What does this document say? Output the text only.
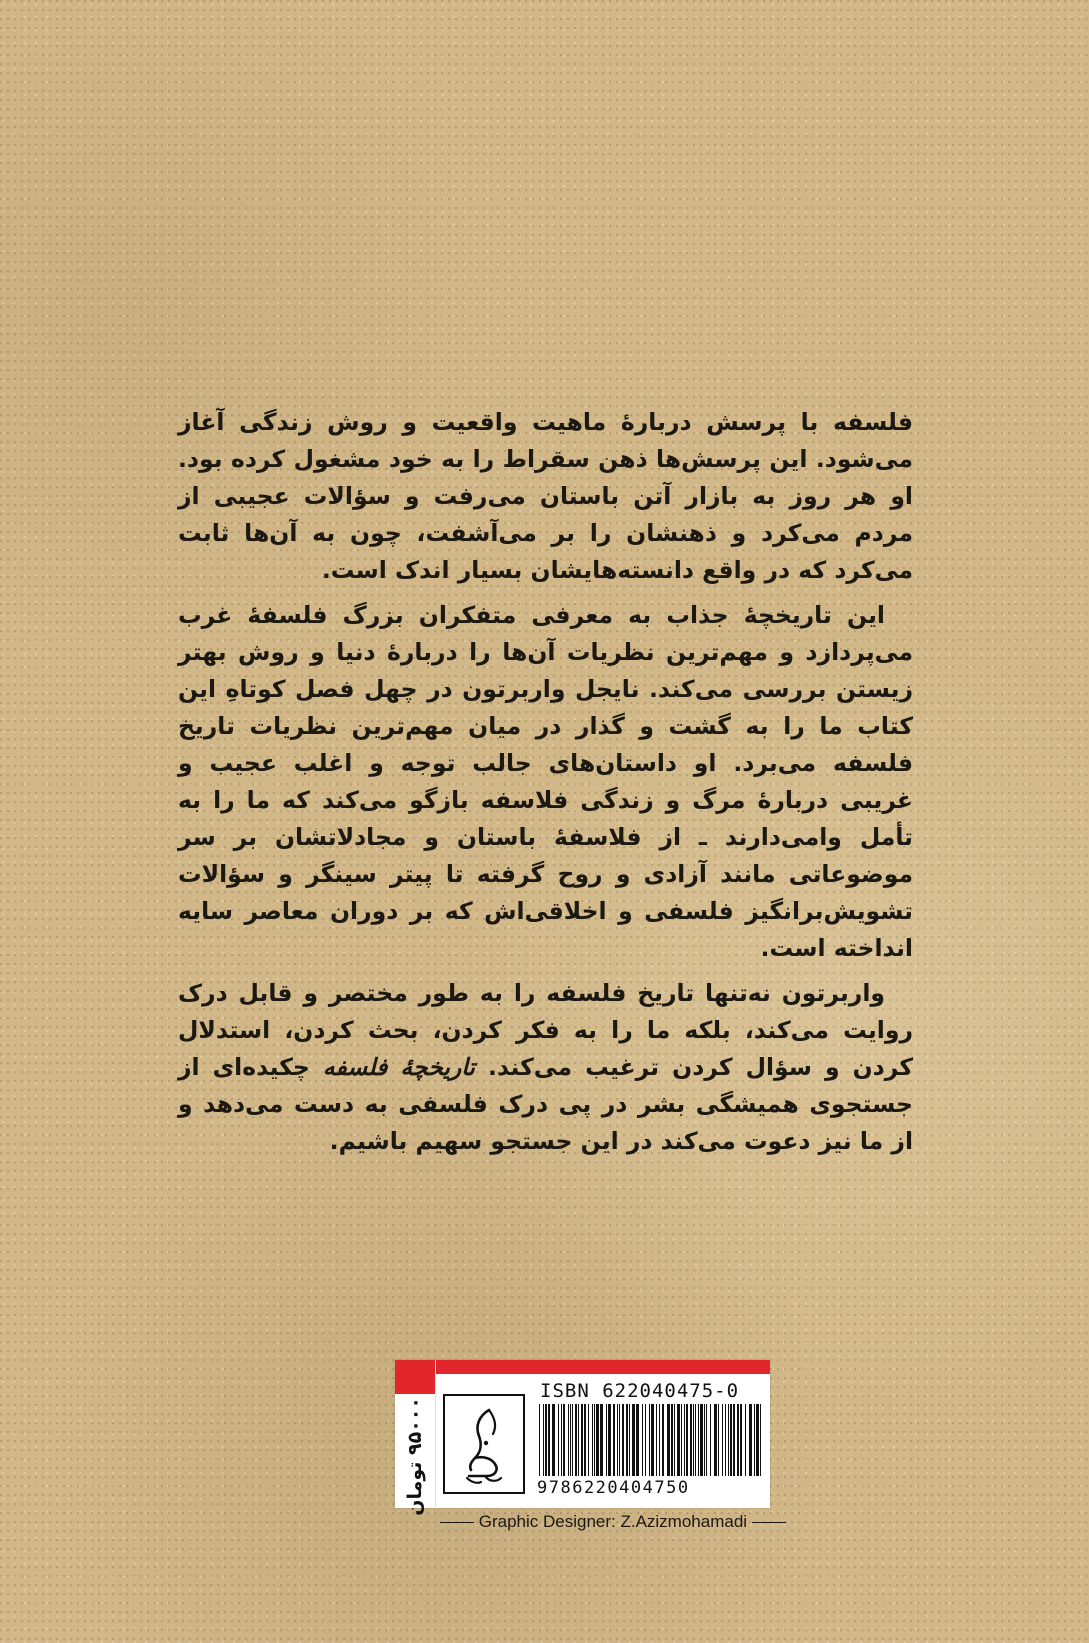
فلسفه با پرسش دربارهٔ ماهیت واقعیت و روش زندگی آغاز می‌شود. این پرسش‌ها ذهن سقراط را به خود مشغول کرده بود. او هر روز به بازار آتن باستان می‌رفت و سؤالات عجیبی از مردم می‌کرد و ذهنشان را بر می‌آشفت، چون به آن‌ها ثابت می‌کرد که در واقع دانسته‌هایشان بسیار اندک است.

این تاریخچهٔ جذاب به معرفی متفکران بزرگ فلسفهٔ غرب می‌پردازد و مهم‌ترین نظریات آن‌ها را دربارهٔ دنیا و روش بهتر زیستن بررسی می‌کند. نایجل واربرتون در چهل فصل کوتاهِ این کتاب ما را به گشت و گذار در میان مهم‌ترین نظریات تاریخ فلسفه می‌برد. او داستان‌های جالب توجه و اغلب عجیب و غریبی دربارهٔ مرگ و زندگی فلاسفه بازگو می‌کند که ما را به تأمل وامی‌دارند ـ از فلاسفهٔ باستان و مجادلاتشان بر سر موضوعاتی مانند آزادی و روح گرفته تا پیتر سینگر و سؤالات تشویش‌برانگیز فلسفی و اخلاقی‌اش که بر دوران معاصر سایه انداخته است.

واربرتون نه‌تنها تاریخ فلسفه را به طور مختصر و قابل درک روایت می‌کند، بلکه ما را به فکر کردن، بحث کردن، استدلال کردن و سؤال کردن ترغیب می‌کند. تاریخچهٔ فلسفه چکیده‌ای از جستجوی همیشگی بشر در پی درک فلسفی به دست می‌دهد و از ما نیز دعوت می‌کند در این جستجو سهیم باشیم.

۹۵۰۰۰ تومان
ISBN 622040475-0
9786220404750
Graphic Designer: Z.Azizmohamadi
